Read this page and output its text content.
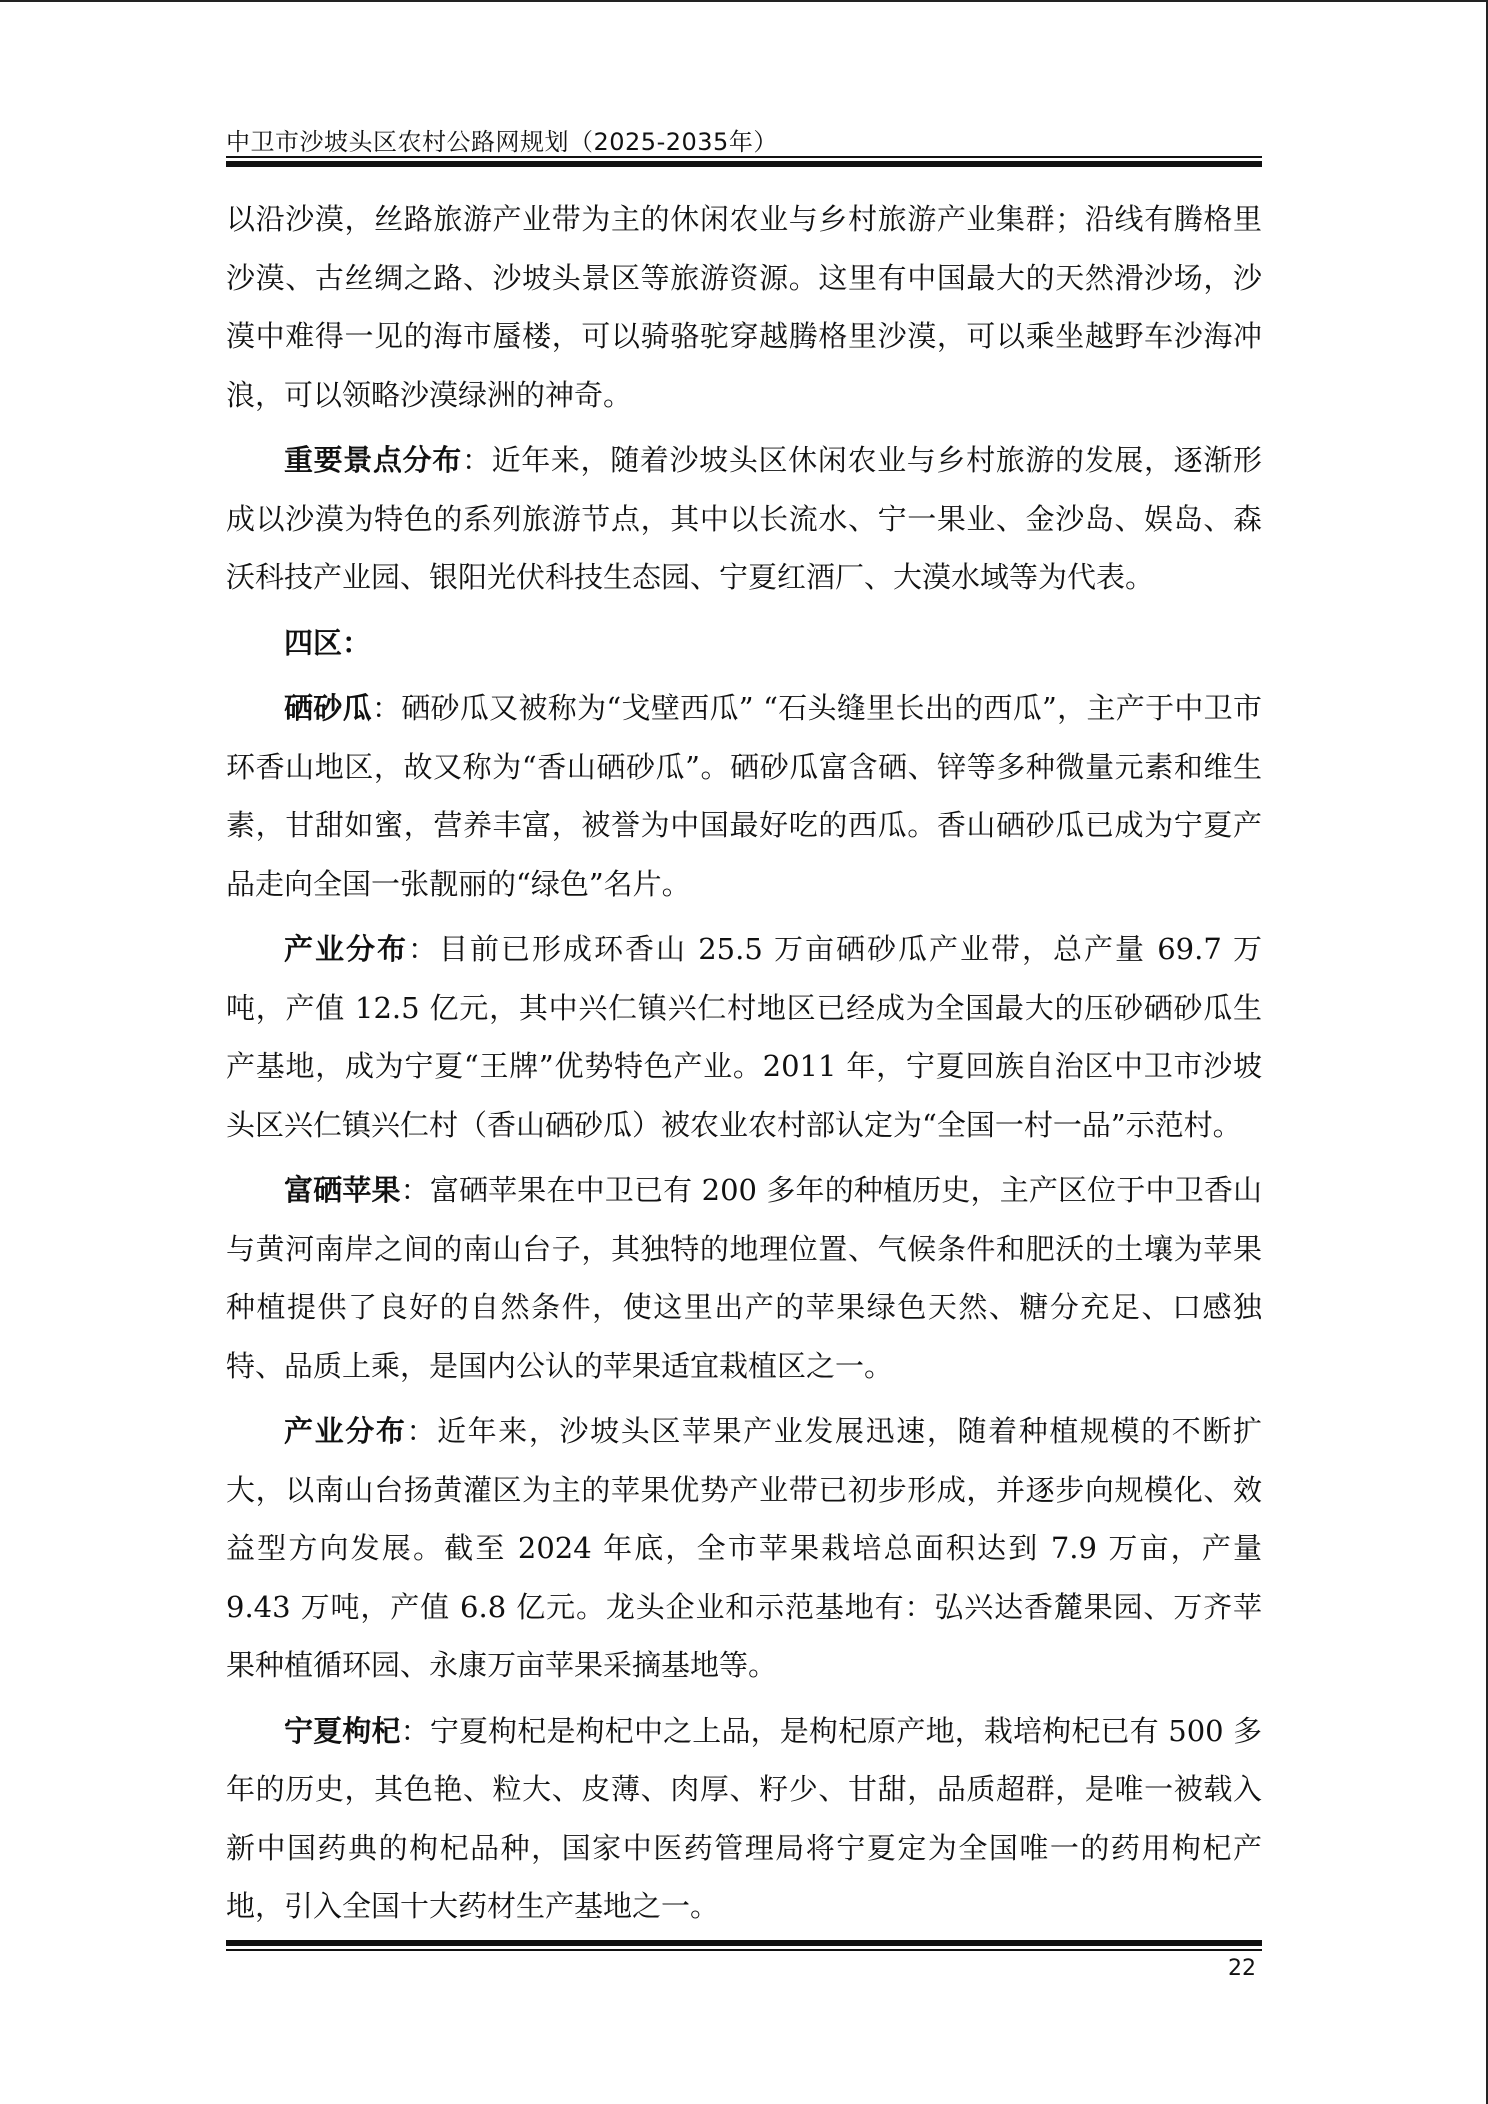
中卫市沙坡头区农村公路网规划（2025-2035年）

以沿沙漠，丝路旅游产业带为主的休闲农业与乡村旅游产业集群；沿线有腾格里沙漠、古丝绸之路、沙坡头景区等旅游资源。这里有中国最大的天然滑沙场，沙漠中难得一见的海市蜃楼，可以骑骆驼穿越腾格里沙漠，可以乘坐越野车沙海冲浪，可以领略沙漠绿洲的神奇。

重要景点分布：近年来，随着沙坡头区休闲农业与乡村旅游的发展，逐渐形成以沙漠为特色的系列旅游节点，其中以长流水、宁一果业、金沙岛、娱岛、森沃科技产业园、银阳光伏科技生态园、宁夏红酒厂、大漠水域等为代表。

四区：

硒砂瓜：硒砂瓜又被称为“戈壁西瓜” “石头缝里长出的西瓜”，主产于中卫市环香山地区，故又称为“香山硒砂瓜”。硒砂瓜富含硒、锌等多种微量元素和维生素，甘甜如蜜，营养丰富，被誉为中国最好吃的西瓜。香山硒砂瓜已成为宁夏产品走向全国一张靓丽的“绿色”名片。

产业分布：目前已形成环香山 25.5 万亩硒砂瓜产业带，总产量 69.7 万吨，产值 12.5 亿元，其中兴仁镇兴仁村地区已经成为全国最大的压砂硒砂瓜生产基地，成为宁夏“王牌”优势特色产业。2011 年，宁夏回族自治区中卫市沙坡头区兴仁镇兴仁村（香山硒砂瓜）被农业农村部认定为“全国一村一品”示范村。

富硒苹果：富硒苹果在中卫已有 200 多年的种植历史，主产区位于中卫香山与黄河南岸之间的南山台子，其独特的地理位置、气候条件和肥沃的土壤为苹果种植提供了良好的自然条件，使这里出产的苹果绿色天然、糖分充足、口感独特、品质上乘，是国内公认的苹果适宜栽植区之一。

产业分布：近年来，沙坡头区苹果产业发展迅速，随着种植规模的不断扩大，以南山台扬黄灌区为主的苹果优势产业带已初步形成，并逐步向规模化、效益型方向发展。截至 2024 年底，全市苹果栽培总面积达到 7.9 万亩，产量 9.43 万吨，产值 6.8 亿元。龙头企业和示范基地有：弘兴达香麓果园、万齐苹果种植循环园、永康万亩苹果采摘基地等。

宁夏枸杞：宁夏枸杞是枸杞中之上品，是枸杞原产地，栽培枸杞已有 500 多年的历史，其色艳、粒大、皮薄、肉厚、籽少、甘甜，品质超群，是唯一被载入新中国药典的枸杞品种，国家中医药管理局将宁夏定为全国唯一的药用枸杞产地，引入全国十大药材生产基地之一。

22
